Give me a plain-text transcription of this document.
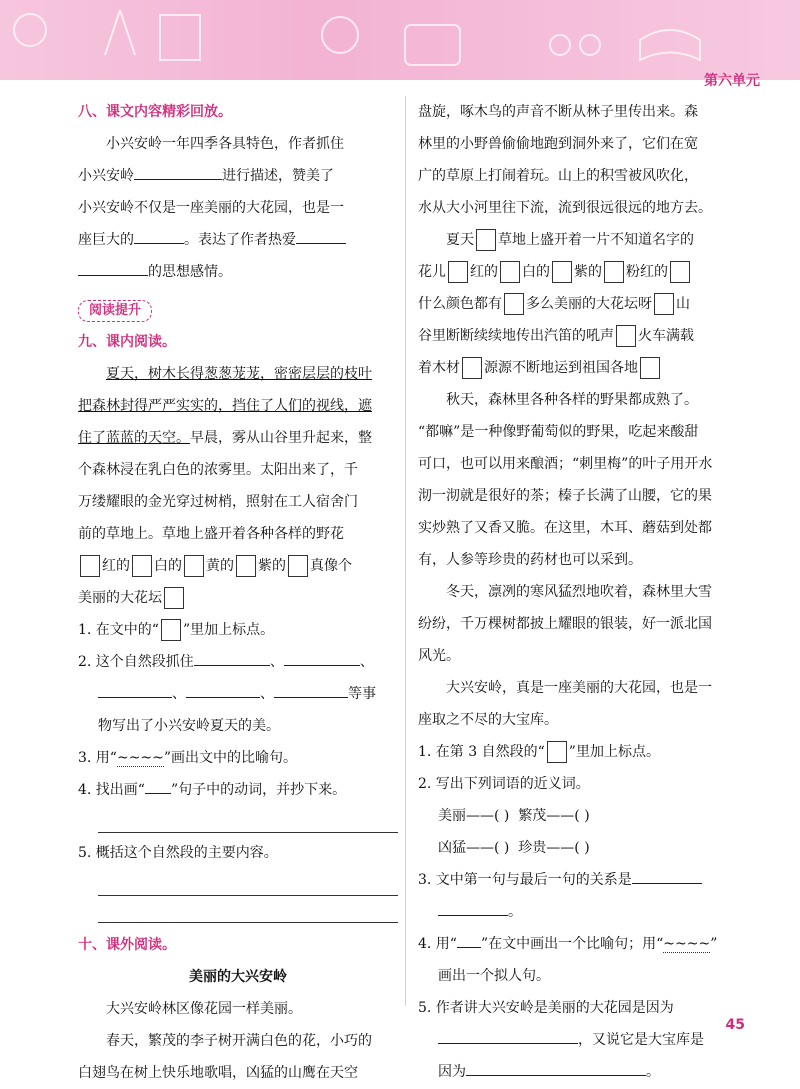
第六单元
八、课文内容精彩回放。
小兴安岭一年四季各具特色，作者抓住
小兴安岭	进行描述，赞美了
小兴安岭不仅是一座美丽的大花园，也是一
座巨大的	。表达了作者热爱
的思想感情。
阅读提升
九、课内阅读。
夏天，树木长得葱葱茏茏，密密层层的枝叶
把森林封得严严实实的，挡住了人们的视线，遮
住了蓝蓝的天空。早晨，雾从山谷里升起来，整
个森林浸在乳白色的浓雾里。太阳出来了，千
万缕耀眼的金光穿过树梢，照射在工人宿舍门
前的草地上。草地上盛开着各种各样的野花
红的 白的 黄的 紫的 真像个
美丽的大花坛
1. 在文中的“ ”里加上标点。
2. 这个自然段抓住	、	、
、	、	等事
物写出了小兴安岭夏天的美。
3. 用“~~~~”画出文中的比喻句。
4. 找出画“ ”句子中的动词，并抄下来。
5. 概括这个自然段的主要内容。
十、课外阅读。
美丽的大兴安岭
大兴安岭林区像花园一样美丽。
春天，繁茂的李子树开满白色的花，小巧的
白翅鸟在树上快乐地歌唱，凶猛的山鹰在天空
盘旋，啄木鸟的声音不断从林子里传出来。森
林里的小野兽偷偷地跑到洞外来了，它们在宽
广的草原上打闹着玩。山上的积雪被风吹化，
水从大小河里往下流，流到很远很远的地方去。
夏天 草地上盛开着一片不知道名字的
花儿 红的 白的 紫的 粉红的
什么颜色都有 多么美丽的大花坛呀 山
谷里断断续续地传出汽笛的吼声 火车满载
着木材 源源不断地运到祖国各地
秋天，森林里各种各样的野果都成熟了。
“都嘛”是一种像野葡萄似的野果，吃起来酸甜
可口，也可以用来酿酒；“刺里梅”的叶子用开水
沏一沏就是很好的茶；榛子长满了山腰，它的果
实炒熟了又香又脆。在这里，木耳、蘑菇到处都
有，人参等珍贵的药材也可以采到。
冬天，凛冽的寒风猛烈地吹着，森林里大雪
纷纷，千万棵树都披上耀眼的银装，好一派北国
风光。
大兴安岭，真是一座美丽的大花园，也是一
座取之不尽的大宝库。
1. 在第 3 自然段的“ ”里加上标点。
2. 写出下列词语的近义词。
美丽——( ) 繁茂——( )
凶猛——( ) 珍贵——( )
3. 文中第一句与最后一句的关系是
。
4. 用“ ”在文中画出一个比喻句；用“~~~~”
画出一个拟人句。
5. 作者讲大兴安岭是美丽的大花园是因为
，又说它是大宝库是
因为	。
45
